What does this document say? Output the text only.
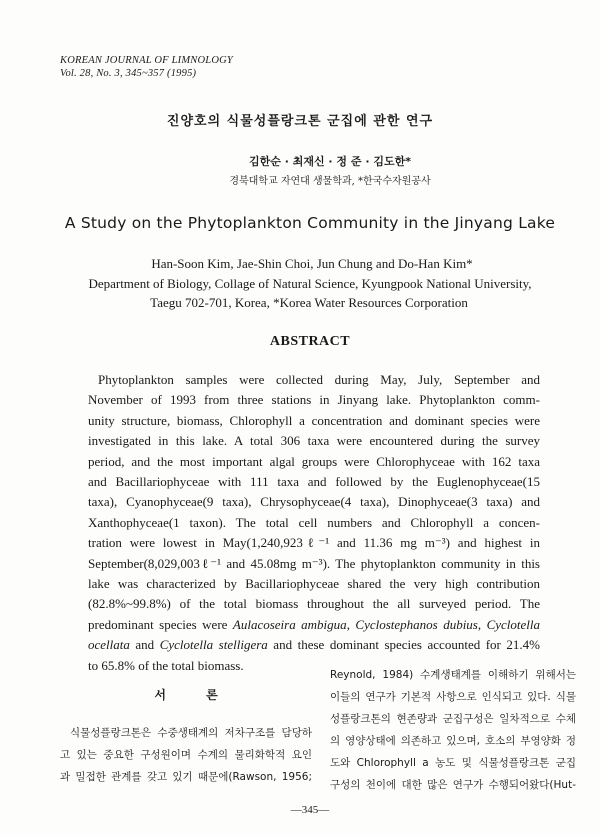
KOREAN JOURNAL OF LIMNOLOGY
Vol. 28, No. 3, 345~357 (1995)
진양호의 식물성플랑크톤 군집에 관한 연구
김한순 · 최재신 · 정 준 · 김도한*
경북대학교 자연대 생물학과, *한국수자원공사
A Study on the Phytoplankton Community in the Jinyang Lake
Han-Soon Kim, Jae-Shin Choi, Jun Chung and Do-Han Kim*
Department of Biology, Collage of Natural Science, Kyungpook National University,
Taegu 702-701, Korea, *Korea Water Resources Corporation
ABSTRACT
Phytoplankton samples were collected during May, July, September and
November of 1993 from three stations in Jinyang lake. Phytoplankton comm-
unity structure, biomass, Chlorophyll a concentration and dominant species were
investigated in this lake. A total 306 taxa were encountered during the survey
period, and the most important algal groups were Chlorophyceae with 162 taxa
and Bacillariophyceae with 111 taxa and followed by the Euglenophyceae(15
taxa), Cyanophyceae(9 taxa), Chrysophyceae(4 taxa), Dinophyceae(3 taxa) and
Xanthophyceae(1 taxon). The total cell numbers and Chlorophyll a concen-
tration were lowest in May(1,240,923ℓ⁻¹ and 11.36 mg m⁻³) and highest in
September(8,029,003ℓ⁻¹ and 45.08mg m⁻³). The phytoplankton community in this
lake was characterized by Bacillariophyceae shared the very high contribution
(82.8%~99.8%) of the total biomass throughout the all surveyed period. The
predominant species were Aulacoseira ambigua, Cyclostephanos dubius, Cyclotella
ocellata and Cyclotella stelligera and these dominant species accounted for 21.4%
to 65.8% of the total biomass.
서 론
식물성플랑크톤은 수중생태계의 저차구조를 담당하
고 있는 중요한 구성원이며 수계의 물리화학적 요인
과 밀접한 관계를 갖고 있기 때문에(Rawson, 1956;
Reynold, 1984) 수계생태계를 이해하기 위해서는
이들의 연구가 기본적 사항으로 인식되고 있다. 식물
성플랑크톤의 현존량과 군집구성은 일차적으로 수체
의 영양상태에 의존하고 있으며, 호소의 부영양화 정
도와 Chlorophyll a 농도 및 식물성플랑크톤 군집
구성의 천이에 대한 많은 연구가 수행되어왔다(Hut-
—345—
